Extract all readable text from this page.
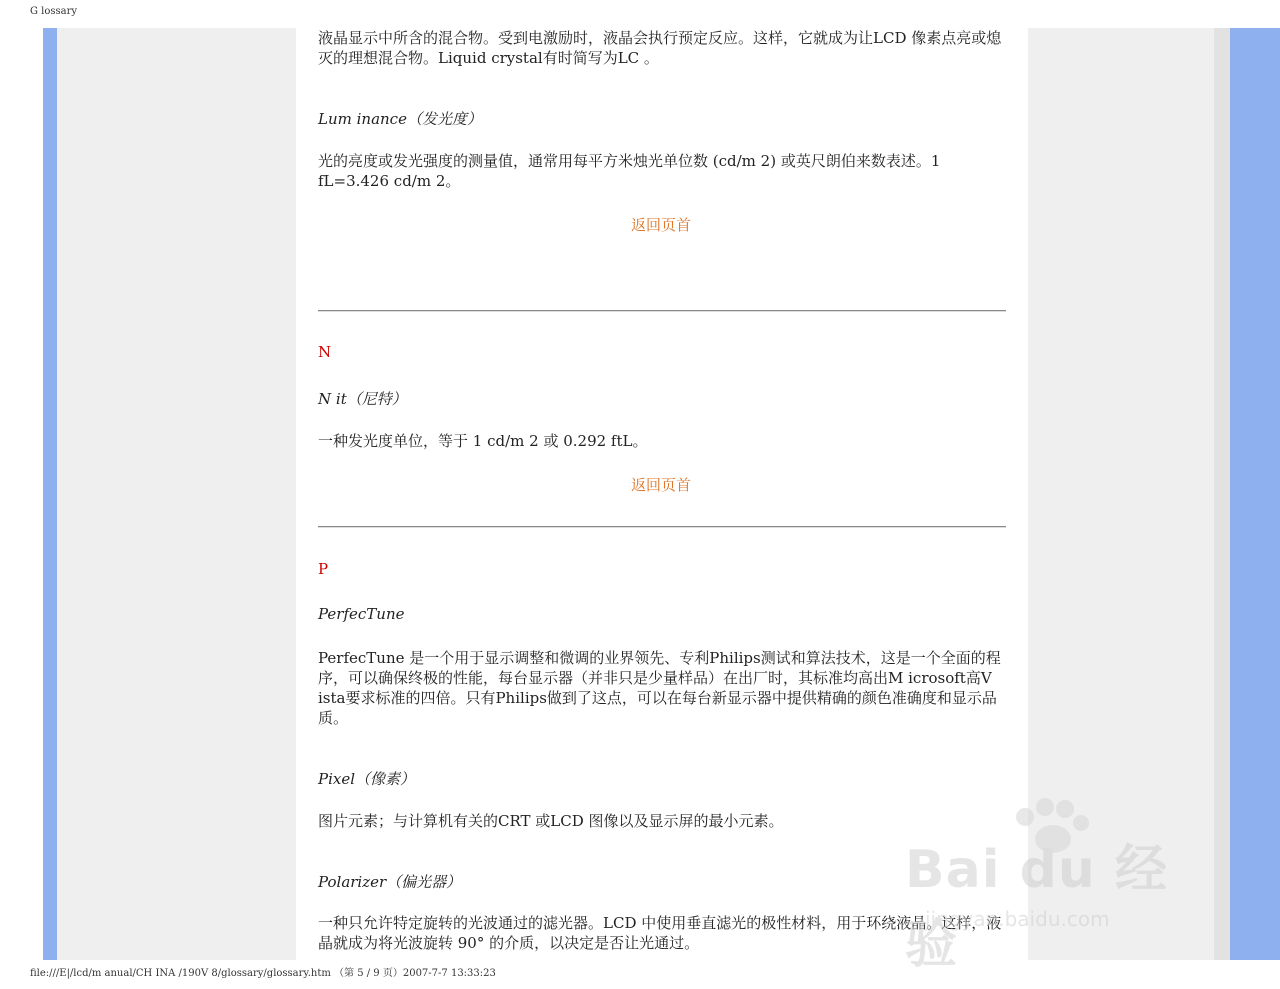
G lossary
液晶显示中所含的混合物。受到电激励时，液晶会执行预定反应。这样，它就成为让LCD 像素点亮或熄灭的理想混合物。Liquid crystal有时简写为LC 。
Lum inance（发光度）
光的亮度或发光强度的测量值，通常用每平方米烛光单位数 (cd/m 2) 或英尺朗伯来数表述。1 fL=3.426 cd/m 2。
返回页首
N
N it（尼特）
一种发光度单位，等于 1 cd/m 2 或 0.292 ftL。
返回页首
P
PerfecTune
PerfecTune 是一个用于显示调整和微调的业界领先、专利Philips测试和算法技术，这是一个全面的程序，可以确保终极的性能，每台显示器（并非只是少量样品）在出厂时，其标准均高出M icrosoft高V ista要求标准的四倍。只有Philips做到了这点，可以在每台新显示器中提供精确的颜色准确度和显示品质。
Pixel（像素）
图片元素；与计算机有关的CRT 或LCD 图像以及显示屏的最小元素。
Polarizer（偏光器）
一种只允许特定旋转的光波通过的滤光器。LCD 中使用垂直滤光的极性材料，用于环绕液晶。这样，液晶就成为将光波旋转 90° 的介质，以决定是否让光通过。
Bai du 经验
jingyan.baidu.com
file:///E|/lcd/m anual/CH INA /190V 8/glossary/glossary.htm （第 5 / 9 页）2007-7-7 13:33:23
